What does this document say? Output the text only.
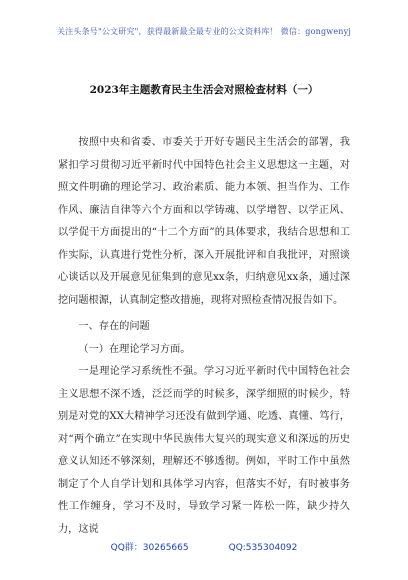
关注头条号"公文研究"，获得最新最全最专业的公文资料库！ 微信：gongwenyj
2023年主题教育民主生活会对照检查材料（一）

按照中央和省委、市委关于开好专题民主生活会的部署，我紧扣学习贯彻习近平新时代中国特色社会主义思想这一主题，对照文件明确的理论学习、政治素质、能力本领、担当作为、工作作风、廉洁自律等六个方面和以学铸魂、以学增智、以学正风、以学促干方面提出的“十二个方面”的具体要求，我结合思想和工作实际，认真进行党性分析，深入开展批评和自我批评，对照谈心谈话以及开展意见征集到的意见xx条，归纳意见xx条，通过深挖问题根源，认真制定整改措施，现将对照检查情况报告如下。

一、存在的问题

（一）在理论学习方面。

一是理论学习系统性不强。学习习近平新时代中国特色社会主义思想不深不透，泛泛而学的时候多，深学细照的时候少，特别是对党的XX大精神学习还没有做到学通、吃透、真懂、笃行，对“两个确立”在实现中华民族伟大复兴的现实意义和深远的历史意义认知还不够深刻，理解还不够透彻。例如，平时工作中虽然制定了个人自学计划和具体学习内容，但落实不好，有时被事务性工作缠身，学习不及时，导致学习紧一阵松一阵，缺少持久力，这说

QQ群：30265665	QQ:535304092
